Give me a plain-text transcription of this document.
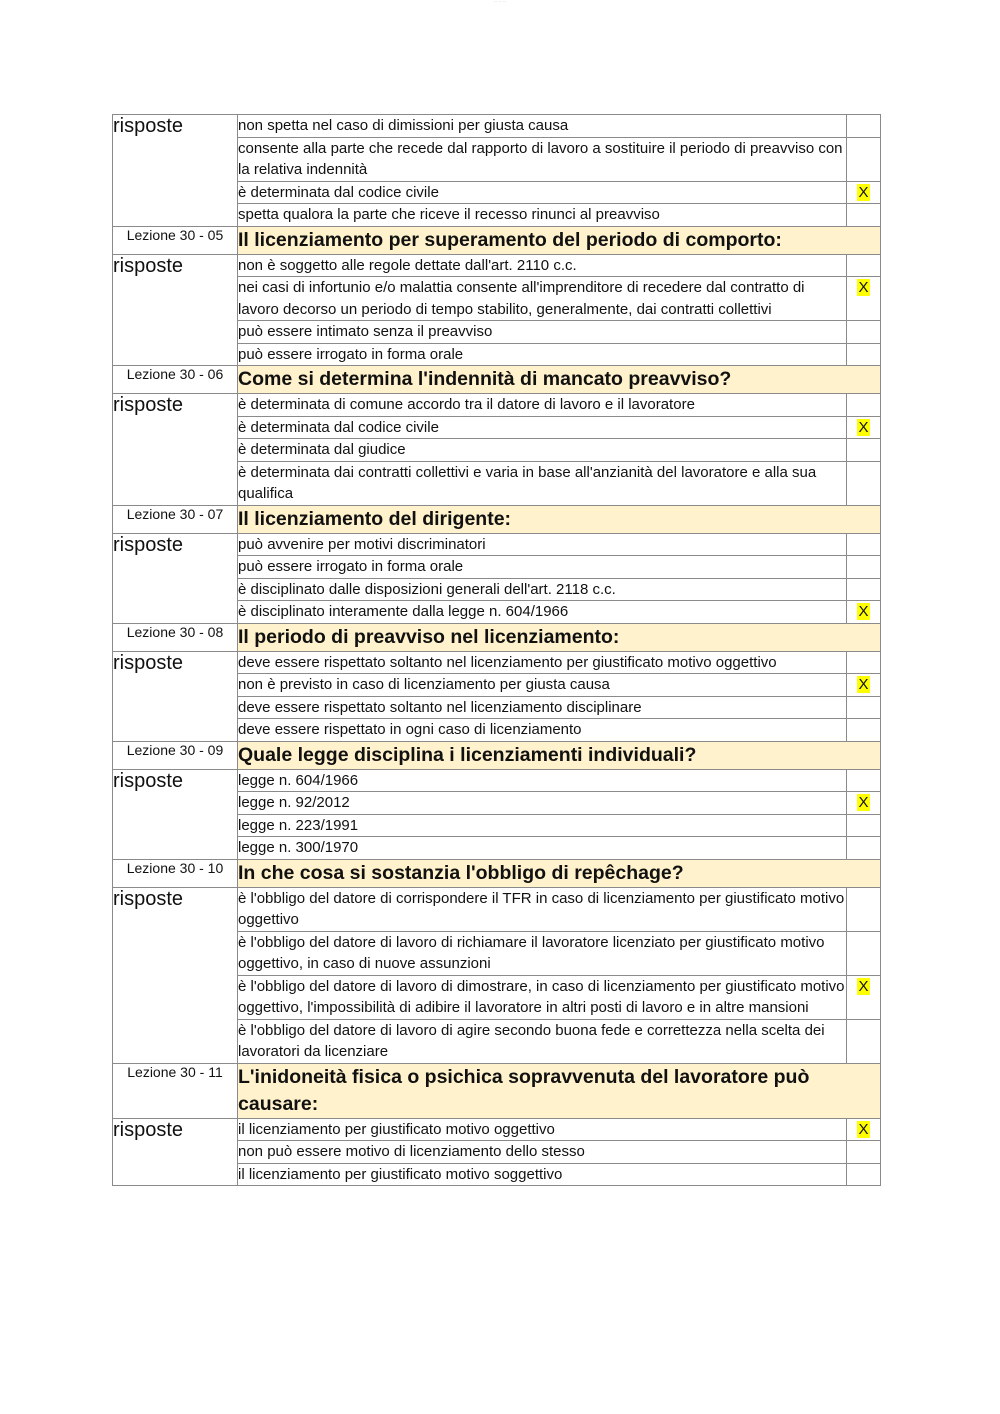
··········
risposte	non spetta nel caso di dimissioni per giusta causa	
	consente alla parte che recede dal rapporto di lavoro a sostituire il periodo di preavviso con la relativa indennità	
	è determinata dal codice civile	X
	spetta qualora la parte che riceve il recesso rinunci al preavviso	
Lezione 30 - 05	Il licenziamento per superamento del periodo di comporto:	
risposte	non è soggetto alle regole dettate dall'art. 2110 c.c.	
	nei casi di infortunio e/o malattia consente all'imprenditore di recedere dal contratto di lavoro decorso un periodo di tempo stabilito, generalmente, dai contratti collettivi	X
	può essere intimato senza il preavviso	
	può essere irrogato in forma orale	
Lezione 30 - 06	Come si determina l'indennità di mancato preavviso?	
risposte	è determinata di comune accordo tra il datore di lavoro e il lavoratore	
	è determinata dal codice civile	X
	è determinata dal giudice	
	è determinata dai contratti collettivi e varia in base all'anzianità del lavoratore e alla sua qualifica	
Lezione 30 - 07	Il licenziamento del dirigente:	
risposte	può avvenire per motivi discriminatori	
	può essere irrogato in forma orale	
	è disciplinato dalle disposizioni generali dell'art. 2118 c.c.	
	è disciplinato interamente dalla legge n. 604/1966	X
Lezione 30 - 08	Il periodo di preavviso nel licenziamento:	
risposte	deve essere rispettato soltanto nel licenziamento per giustificato motivo oggettivo	
	non è previsto in caso di licenziamento per giusta causa	X
	deve essere rispettato soltanto nel licenziamento disciplinare	
	deve essere rispettato in ogni caso di licenziamento	
Lezione 30 - 09	Quale legge disciplina i licenziamenti individuali?	
risposte	legge n. 604/1966	
	legge n. 92/2012	X
	legge n. 223/1991	
	legge n. 300/1970	
Lezione 30 - 10	In che cosa si sostanzia l'obbligo di repêchage?	
risposte	è l'obbligo del datore di corrispondere il TFR in caso di licenziamento per giustificato motivo oggettivo	
	è l'obbligo del datore di lavoro di richiamare il lavoratore licenziato per giustificato motivo oggettivo, in caso di nuove assunzioni	
	è l'obbligo del datore di lavoro di dimostrare, in caso di licenziamento per giustificato motivo oggettivo, l'impossibilità di adibire il lavoratore in altri posti di lavoro e in altre mansioni	X
	è l'obbligo del datore di lavoro di agire secondo buona fede e correttezza nella scelta dei lavoratori da licenziare	
Lezione 30 - 11	L'inidoneità fisica o psichica sopravvenuta del lavoratore può causare:	
risposte	il licenziamento per giustificato motivo oggettivo	X
	non può essere motivo di licenziamento dello stesso	
	il licenziamento per giustificato motivo soggettivo	
